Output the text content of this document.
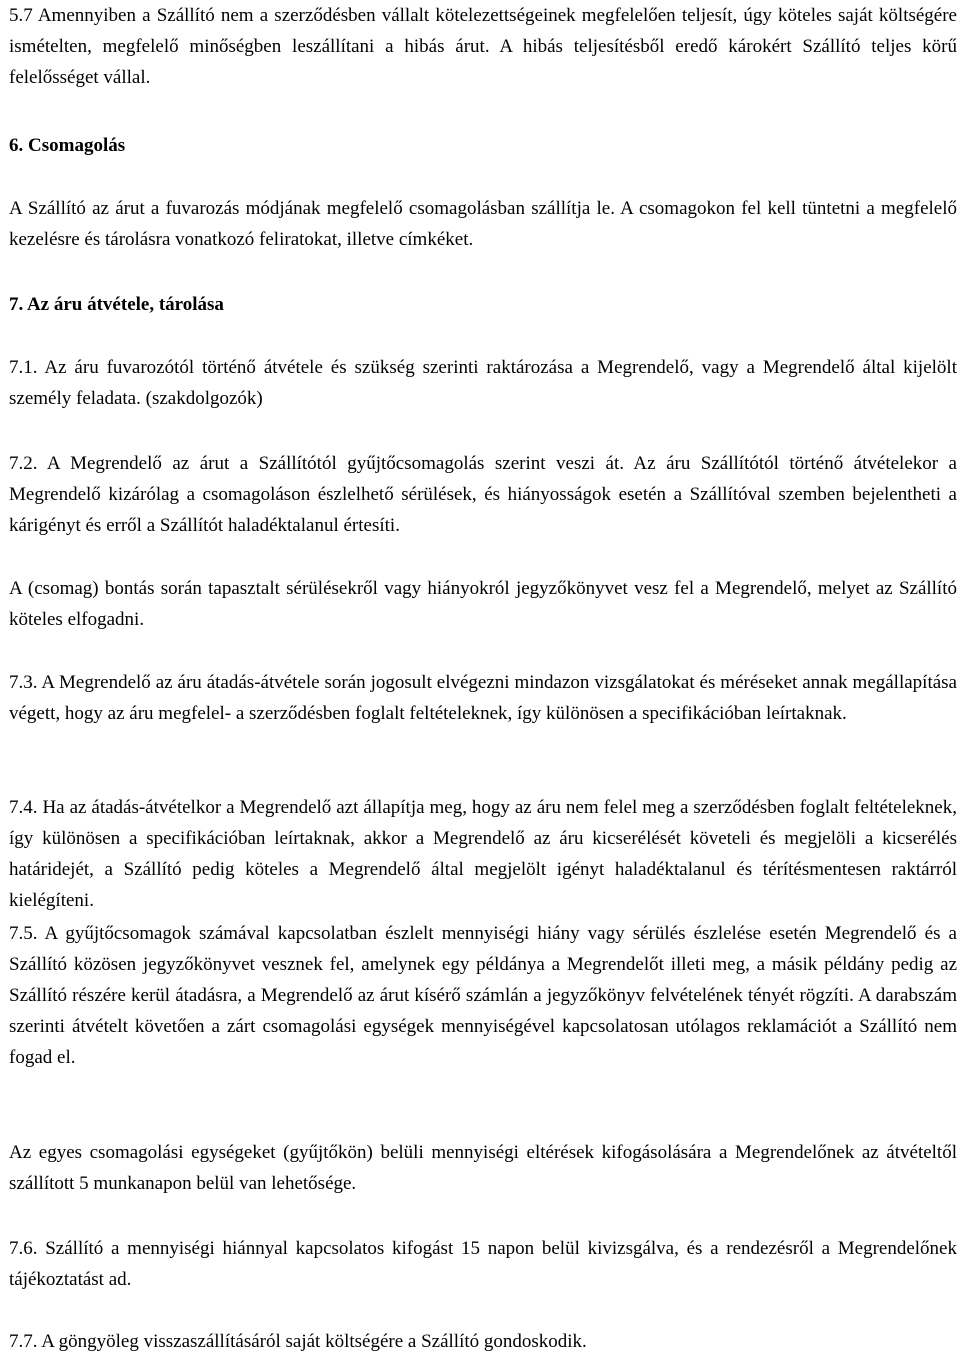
5.7 Amennyiben a Szállító nem a szerződésben vállalt kötelezettségeinek megfelelően teljesít, úgy köteles saját költségére ismételten, megfelelő minőségben leszállítani a hibás árut. A hibás teljesítésből eredő károkért Szállító teljes körű felelősséget vállal.

6. Csomagolás

A Szállító az árut a fuvarozás módjának megfelelő csomagolásban szállítja le. A csomagokon fel kell tüntetni a megfelelő kezelésre és tárolásra vonatkozó feliratokat, illetve címkéket.

7. Az áru átvétele, tárolása

7.1. Az áru fuvarozótól történő átvétele és szükség szerinti raktározása a Megrendelő, vagy a Megrendelő által kijelölt személy feladata. (szakdolgozók)

7.2. A Megrendelő az árut a Szállítótól gyűjtőcsomagolás szerint veszi át. Az áru Szállítótól történő átvételekor a Megrendelő kizárólag a csomagoláson észlelhető sérülések, és hiányosságok esetén a Szállítóval szemben bejelentheti a kárigényt és erről a Szállítót haladéktalanul értesíti.

A (csomag) bontás során tapasztalt sérülésekről vagy hiányokról jegyzőkönyvet vesz fel a Megrendelő, melyet az Szállító köteles elfogadni.

7.3. A Megrendelő az áru átadás-átvétele során jogosult elvégezni mindazon vizsgálatokat és méréseket annak megállapítása végett, hogy az áru megfelel- a szerződésben foglalt feltételeknek, így különösen a specifikációban leírtaknak.

7.4. Ha az átadás-átvételkor a Megrendelő azt állapítja meg, hogy az áru nem felel meg a szerződésben foglalt feltételeknek, így különösen a specifikációban leírtaknak, akkor a Megrendelő az áru kicserélését követeli és megjelöli a kicserélés határidejét, a Szállító pedig köteles a Megrendelő által megjelölt igényt haladéktalanul és térítésmentesen raktárról kielégíteni.

7.5. A gyűjtőcsomagok számával kapcsolatban észlelt mennyiségi hiány vagy sérülés észlelése esetén Megrendelő és a Szállító közösen jegyzőkönyvet vesznek fel, amelynek egy példánya a Megrendelőt illeti meg, a másik példány pedig az Szállító részére kerül átadásra, a Megrendelő az árut kísérő számlán a jegyzőkönyv felvételének tényét rögzíti. A darabszám szerinti átvételt követően a zárt csomagolási egységek mennyiségével kapcsolatosan utólagos reklamációt a Szállító nem fogad el.

Az egyes csomagolási egységeket (gyűjtőkön) belüli mennyiségi eltérések kifogásolására a Megrendelőnek az átvételtől szállított 5 munkanapon belül van lehetősége.

7.6. Szállító a mennyiségi hiánnyal kapcsolatos kifogást 15 napon belül kivizsgálva, és a rendezésről a Megrendelőnek tájékoztatást ad.

7.7. A göngyöleg visszaszállításáról saját költségére a Szállító gondoskodik.
